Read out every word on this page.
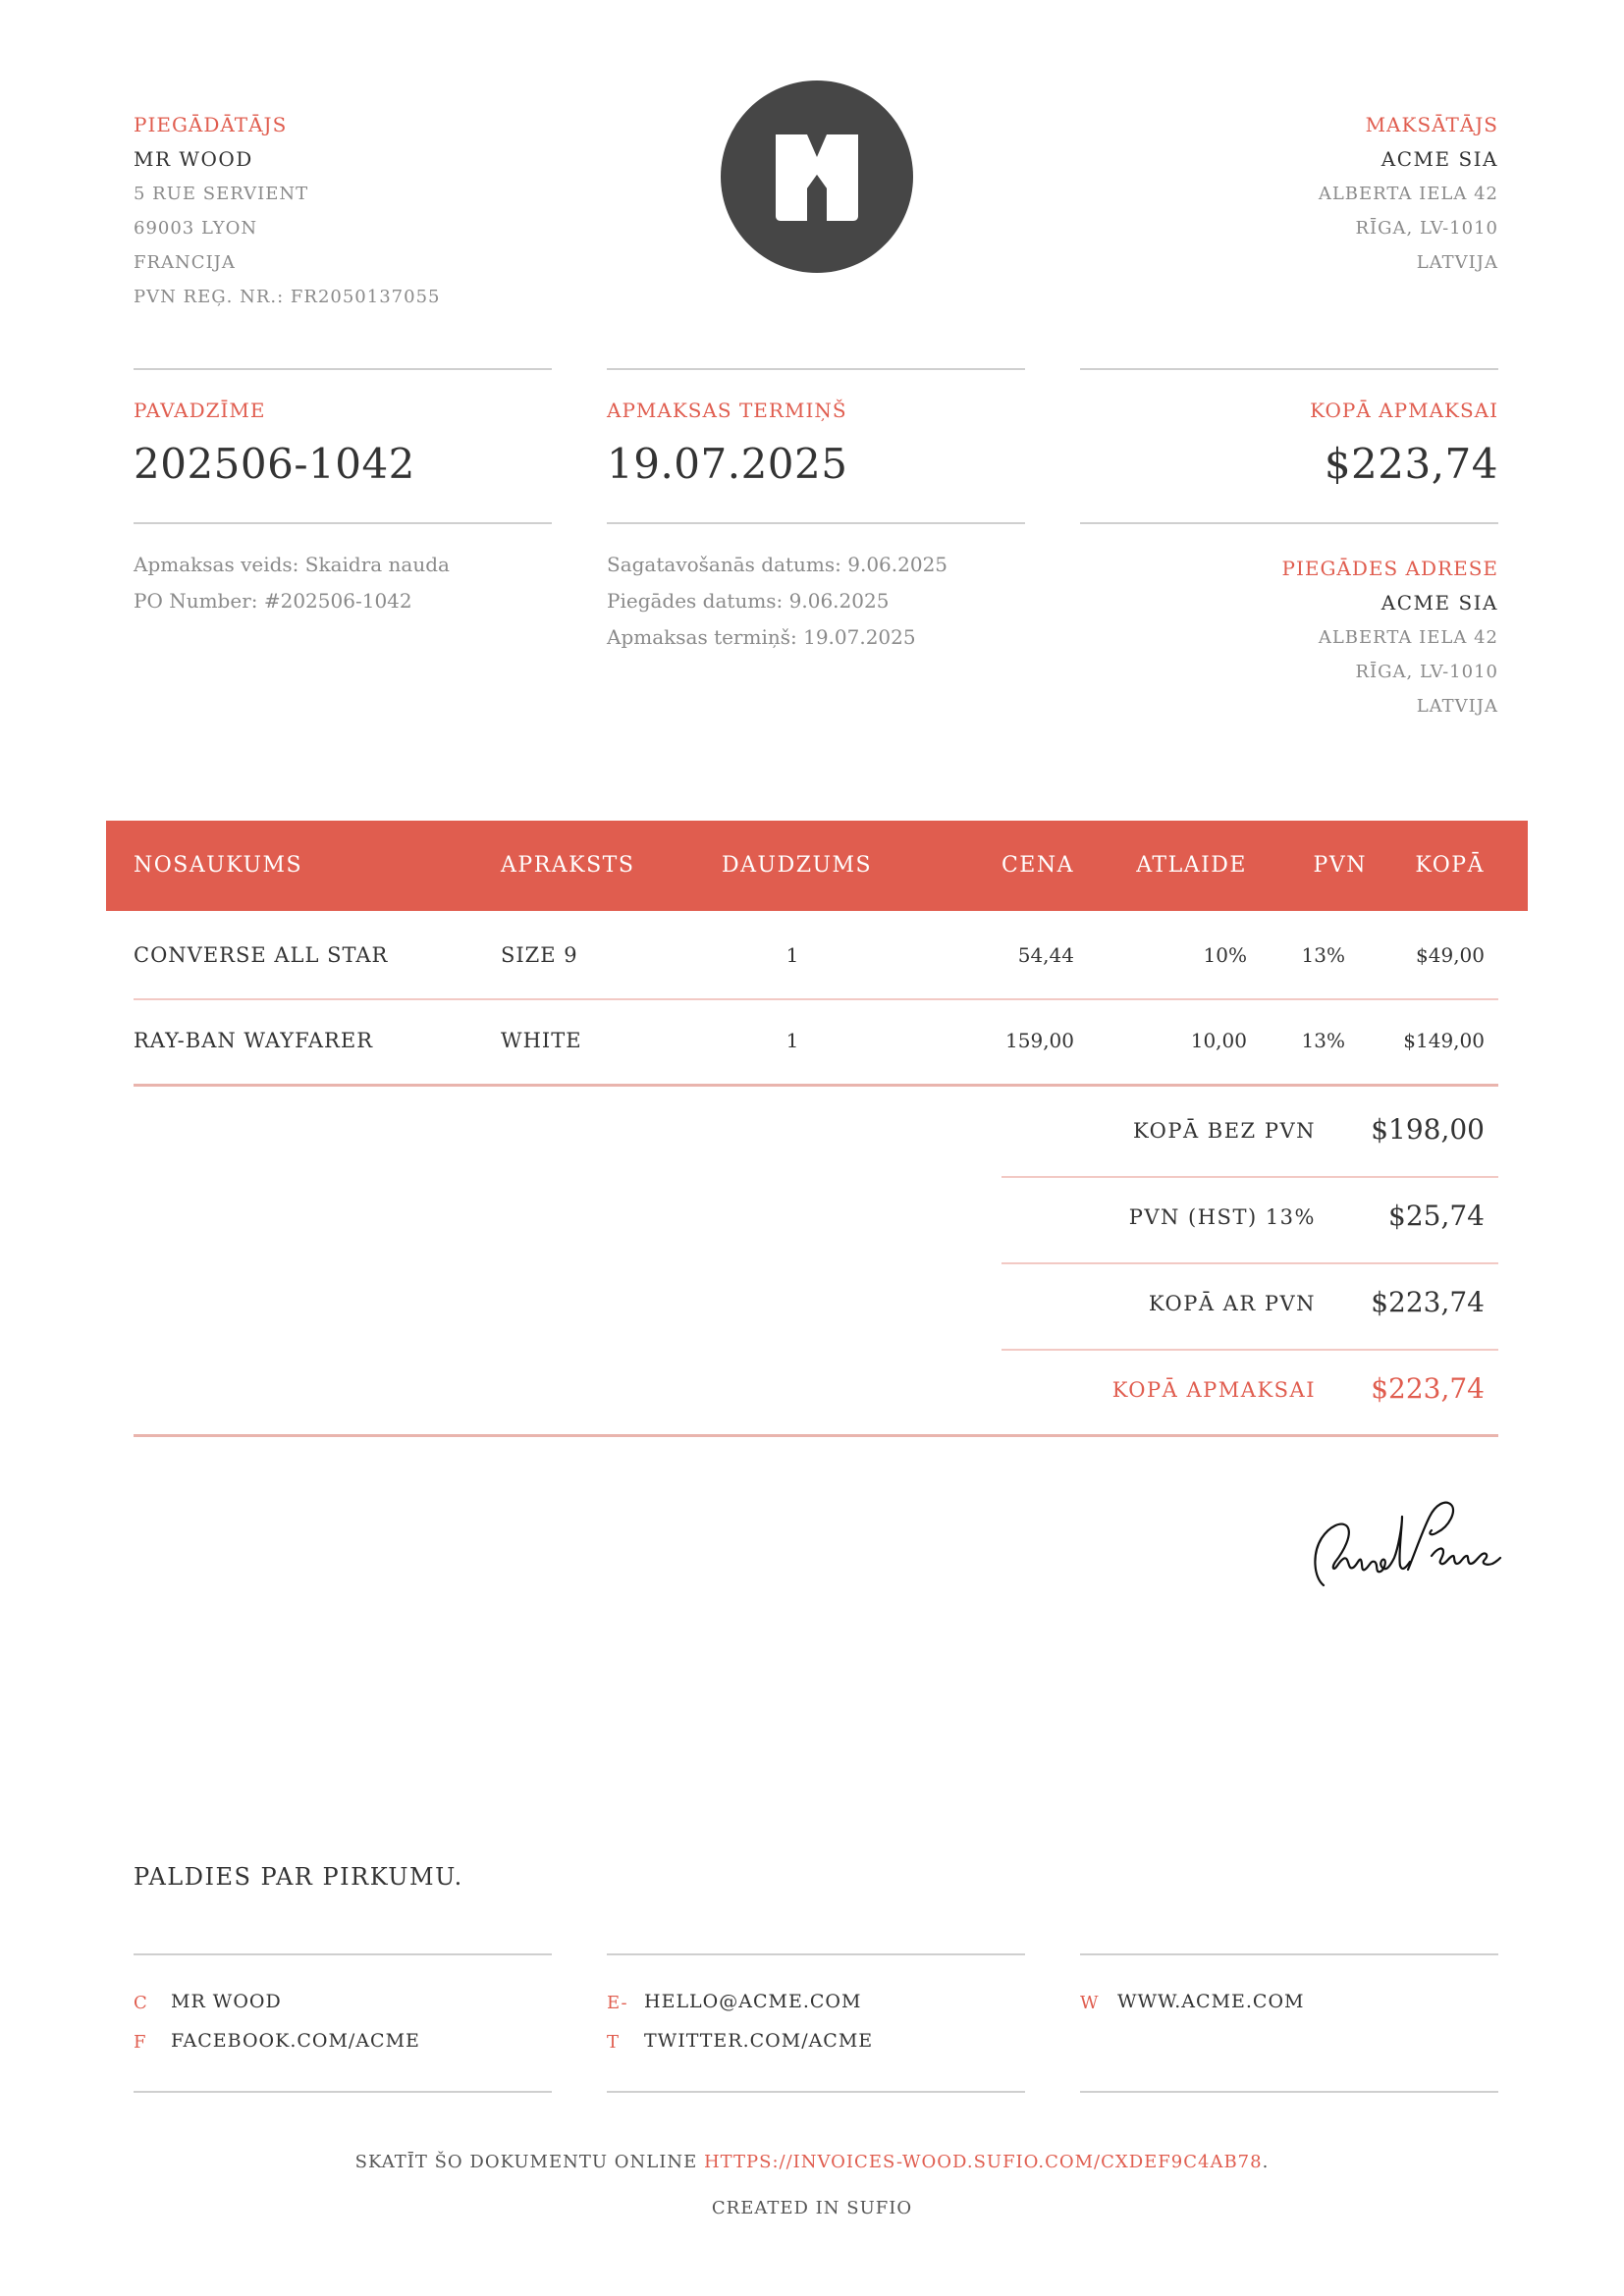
PIEGĀDĀTĀJS
MR WOOD
5 RUE SERVIENT
69003 LYON
FRANCIJA
PVN REĢ. NR.: FR2050137055
MAKSĀTĀJS
ACME SIA
ALBERTA IELA 42
RĪGA, LV-1010
LATVIJA
PAVADZĪME
202506-1042
APMAKSAS TERMIŅŠ
19.07.2025
KOPĀ APMAKSAI
$223,74
Apmaksas veids: Skaidra nauda
PO Number: #202506-1042
Sagatavošanās datums: 9.06.2025
Piegādes datums: 9.06.2025
Apmaksas termiņš: 19.07.2025
PIEGĀDES ADRESE
ACME SIA
ALBERTA IELA 42
RĪGA, LV-1010
LATVIJA
NOSAUKUMS	APRAKSTS	DAUDZUMS	CENA	ATLAIDE	PVN	KOPĀ
CONVERSE ALL STAR	SIZE 9	1	54,44	10%	13%	$49,00
RAY-BAN WAYFARER	WHITE	1	159,00	10,00	13%	$149,00
KOPĀ BEZ PVN	$198,00
PVN (HST) 13%	$25,74
KOPĀ AR PVN	$223,74
KOPĀ APMAKSAI	$223,74
PALDIES PAR PIRKUMU.
C MR WOOD
F FACEBOOK.COM/ACME
E- HELLO@ACME.COM
T TWITTER.COM/ACME
W WWW.ACME.COM
SKATĪT ŠO DOKUMENTU ONLINE HTTPS://INVOICES-WOOD.SUFIO.COM/CXDEF9C4AB78.
CREATED IN SUFIO
